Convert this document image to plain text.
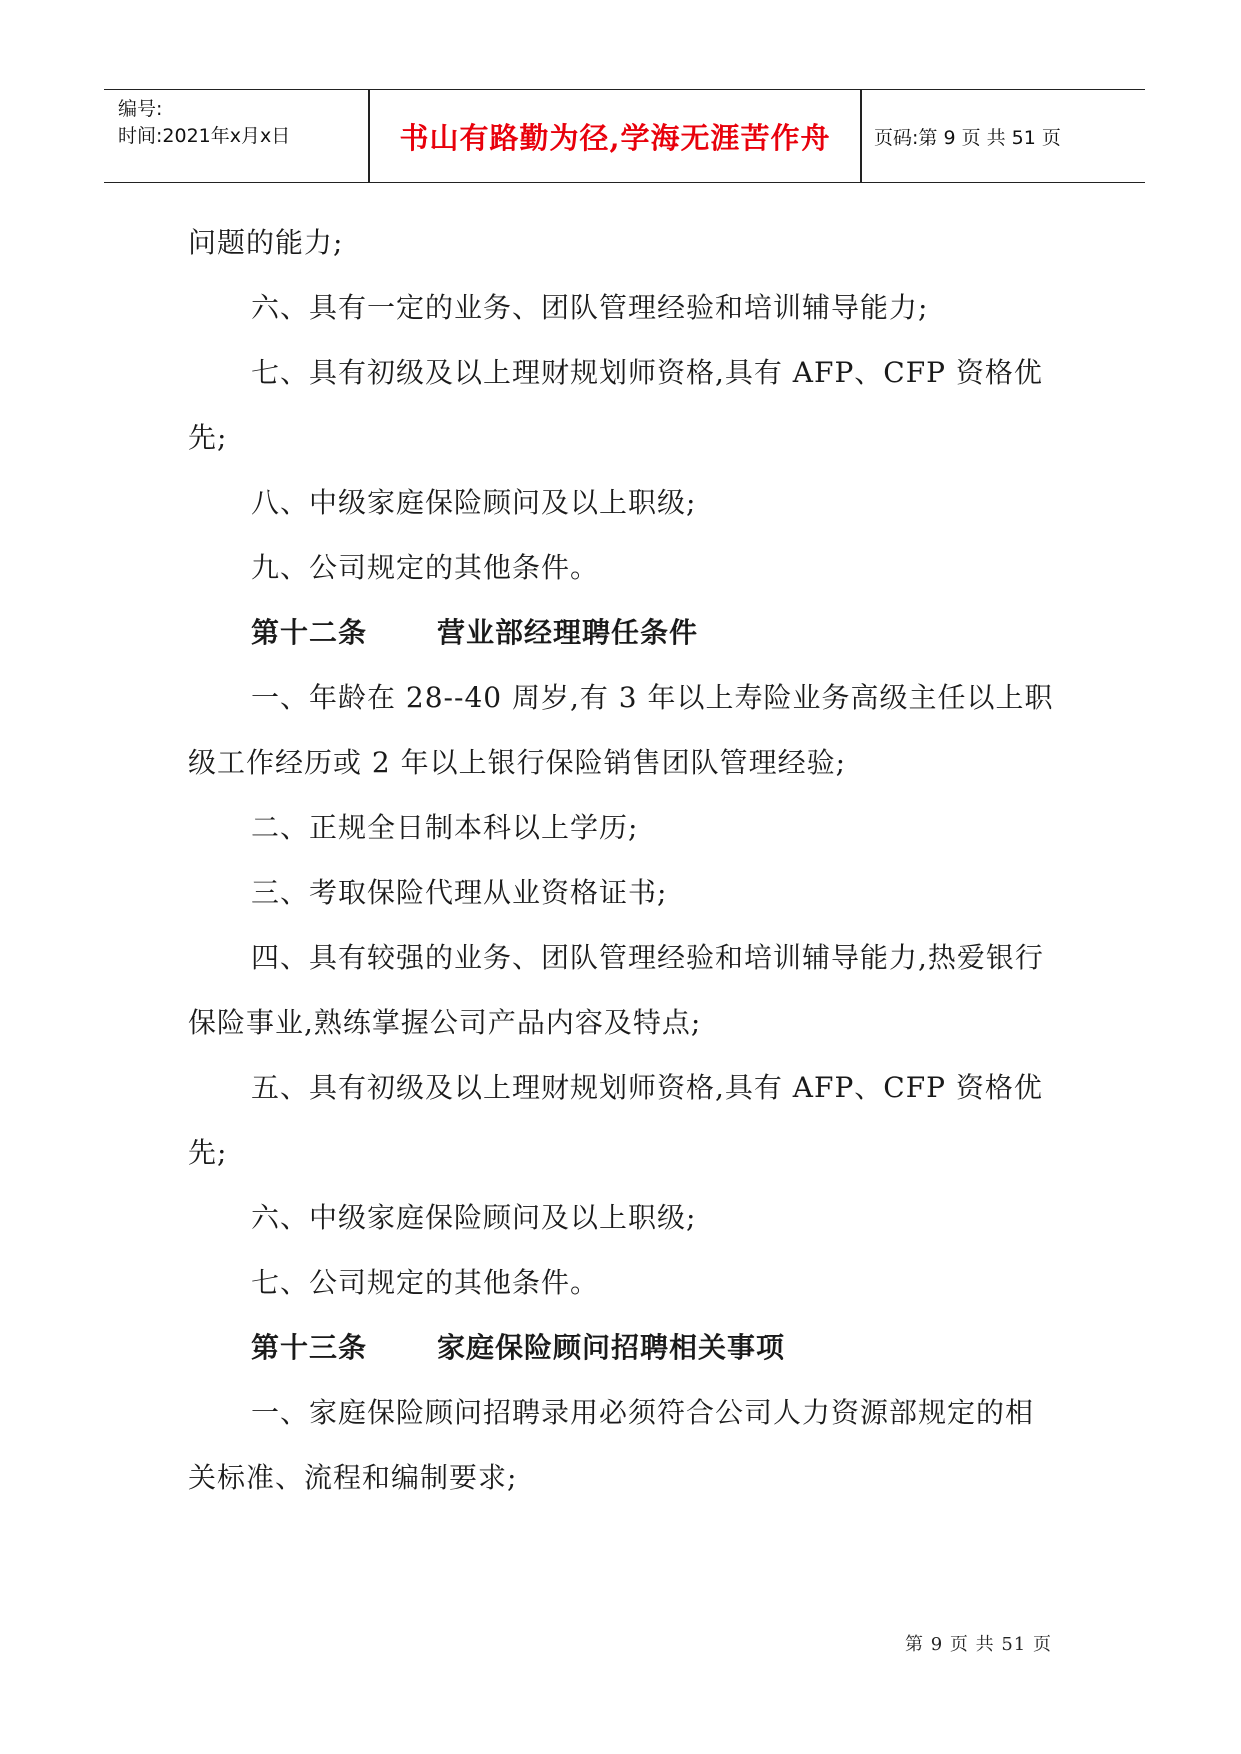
编号:
时间:2021年x月x日	书山有路勤为径,学海无涯苦作舟	页码:第 9 页 共 51 页

问题的能力;

六、具有一定的业务、团队管理经验和培训辅导能力;

七、具有初级及以上理财规划师资格,具有 AFP、CFP 资格优先;

八、中级家庭保险顾问及以上职级;

九、公司规定的其他条件。

第十二条	营业部经理聘任条件

一、年龄在 28--40 周岁,有 3 年以上寿险业务高级主任以上职级工作经历或 2 年以上银行保险销售团队管理经验;

二、正规全日制本科以上学历;

三、考取保险代理从业资格证书;

四、具有较强的业务、团队管理经验和培训辅导能力,热爱银行保险事业,熟练掌握公司产品内容及特点;

五、具有初级及以上理财规划师资格,具有 AFP、CFP 资格优先;

六、中级家庭保险顾问及以上职级;

七、公司规定的其他条件。

第十三条	家庭保险顾问招聘相关事项

一、家庭保险顾问招聘录用必须符合公司人力资源部规定的相关标准、流程和编制要求;

第 9 页 共 51 页
